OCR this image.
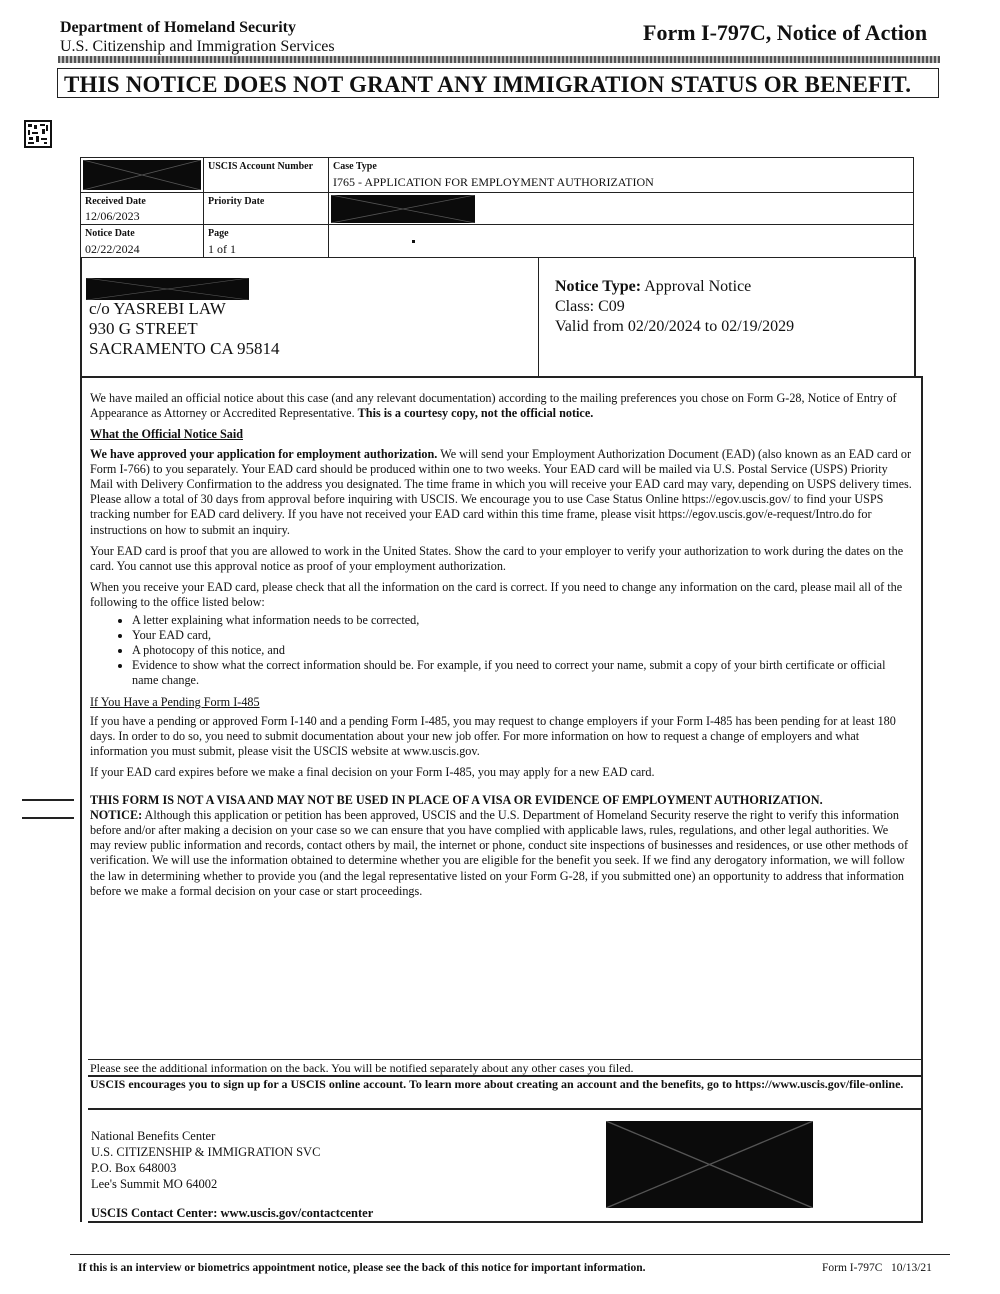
Department of Homeland Security
U.S. Citizenship and Immigration Services
Form I-797C, Notice of Action
THIS NOTICE DOES NOT GRANT ANY IMMIGRATION STATUS OR BENEFIT.
USCIS Account Number Case Type
I765 - APPLICATION FOR EMPLOYMENT AUTHORIZATION
Received Date
12/06/2023
Priority Date
Notice Date
02/22/2024
Page
1 of 1
c/o YASREBI LAW
930 G STREET
SACRAMENTO CA 95814
Notice Type: Approval Notice
Class: C09
Valid from 02/20/2024 to 02/19/2029

We have mailed an official notice about this case (and any relevant documentation) according to the mailing preferences you chose on Form G-28, Notice of Entry of Appearance as Attorney or Accredited Representative. This is a courtesy copy, not the official notice.

What the Official Notice Said

We have approved your application for employment authorization. We will send your Employment Authorization Document (EAD) (also known as an EAD card or Form I-766) to you separately. Your EAD card should be produced within one to two weeks. Your EAD card will be mailed via U.S. Postal Service (USPS) Priority Mail with Delivery Confirmation to the address you designated. The time frame in which you will receive your EAD card may vary, depending on USPS delivery times. Please allow a total of 30 days from approval before inquiring with USCIS. We encourage you to use Case Status Online https://egov.uscis.gov/ to find your USPS tracking number for EAD card delivery. If you have not received your EAD card within this time frame, please visit https://egov.uscis.gov/e-request/Intro.do for instructions on how to submit an inquiry.

Your EAD card is proof that you are allowed to work in the United States. Show the card to your employer to verify your authorization to work during the dates on the card. You cannot use this approval notice as proof of your employment authorization.

When you receive your EAD card, please check that all the information on the card is correct. If you need to change any information on the card, please mail all of the following to the office listed below:

• A letter explaining what information needs to be corrected,
• Your EAD card,
• A photocopy of this notice, and
• Evidence to show what the correct information should be. For example, if you need to correct your name, submit a copy of your birth certificate or official name change.

If You Have a Pending Form I-485

If you have a pending or approved Form I-140 and a pending Form I-485, you may request to change employers if your Form I-485 has been pending for at least 180 days. In order to do so, you need to submit documentation about your new job offer. For more information on how to request a change of employers and what information you must submit, please visit the USCIS website at www.uscis.gov.

If your EAD card expires before we make a final decision on your Form I-485, you may apply for a new EAD card.

THIS FORM IS NOT A VISA AND MAY NOT BE USED IN PLACE OF A VISA OR EVIDENCE OF EMPLOYMENT AUTHORIZATION.

NOTICE: Although this application or petition has been approved, USCIS and the U.S. Department of Homeland Security reserve the right to verify this information before and/or after making a decision on your case so we can ensure that you have complied with applicable laws, rules, regulations, and other legal authorities. We may review public information and records, contact others by mail, the internet or phone, conduct site inspections of businesses and residences, or use other methods of verification. We will use the information obtained to determine whether you are eligible for the benefit you seek. If we find any derogatory information, we will follow the law in determining whether to provide you (and the legal representative listed on your Form G-28, if you submitted one) an opportunity to address that information before we make a formal decision on your case or start proceedings.

Please see the additional information on the back. You will be notified separately about any other cases you filed.
USCIS encourages you to sign up for a USCIS online account. To learn more about creating an account and the benefits, go to https://www.uscis.gov/file-online.
National Benefits Center
U.S. CITIZENSHIP & IMMIGRATION SVC
P.O. Box 648003
Lee's Summit MO 64002
USCIS Contact Center: www.uscis.gov/contactcenter
If this is an interview or biometrics appointment notice, please see the back of this notice for important information.	Form I-797C   10/13/21
